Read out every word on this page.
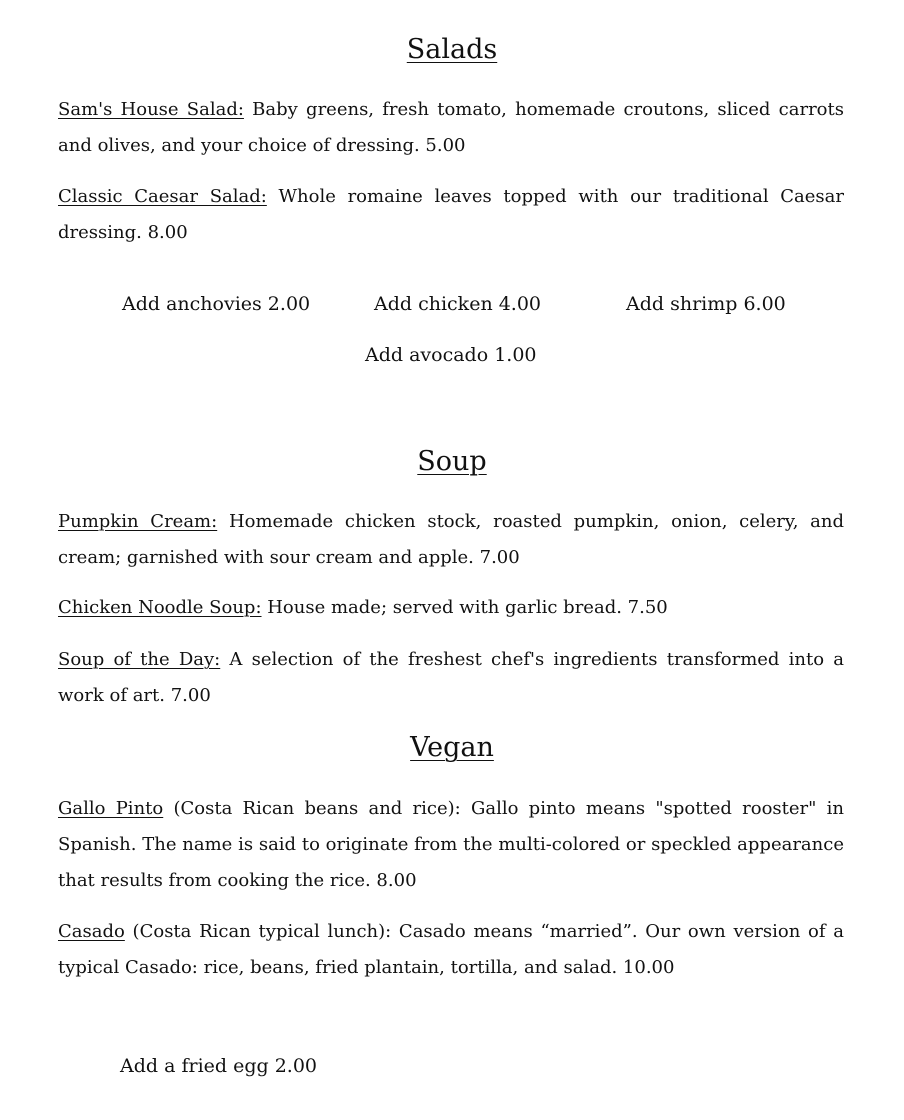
Salads

Sam's House Salad: Baby greens, fresh tomato, homemade croutons, sliced carrots and olives, and your choice of dressing. 5.00

Classic Caesar Salad: Whole romaine leaves topped with our traditional Caesar dressing. 8.00

Add anchovies 2.00	Add chicken 4.00	Add shrimp 6.00

Add avocado 1.00

Soup

Pumpkin Cream: Homemade chicken stock, roasted pumpkin, onion, celery, and cream; garnished with sour cream and apple. 7.00

Chicken Noodle Soup: House made; served with garlic bread. 7.50

Soup of the Day: A selection of the freshest chef's ingredients transformed into a work of art. 7.00

Vegan

Gallo Pinto (Costa Rican beans and rice): Gallo pinto means "spotted rooster" in Spanish. The name is said to originate from the multi-colored or speckled appearance that results from cooking the rice. 8.00

Casado (Costa Rican typical lunch): Casado means “married”. Our own version of a typical Casado: rice, beans, fried plantain, tortilla, and salad. 10.00

Add a fried egg 2.00
